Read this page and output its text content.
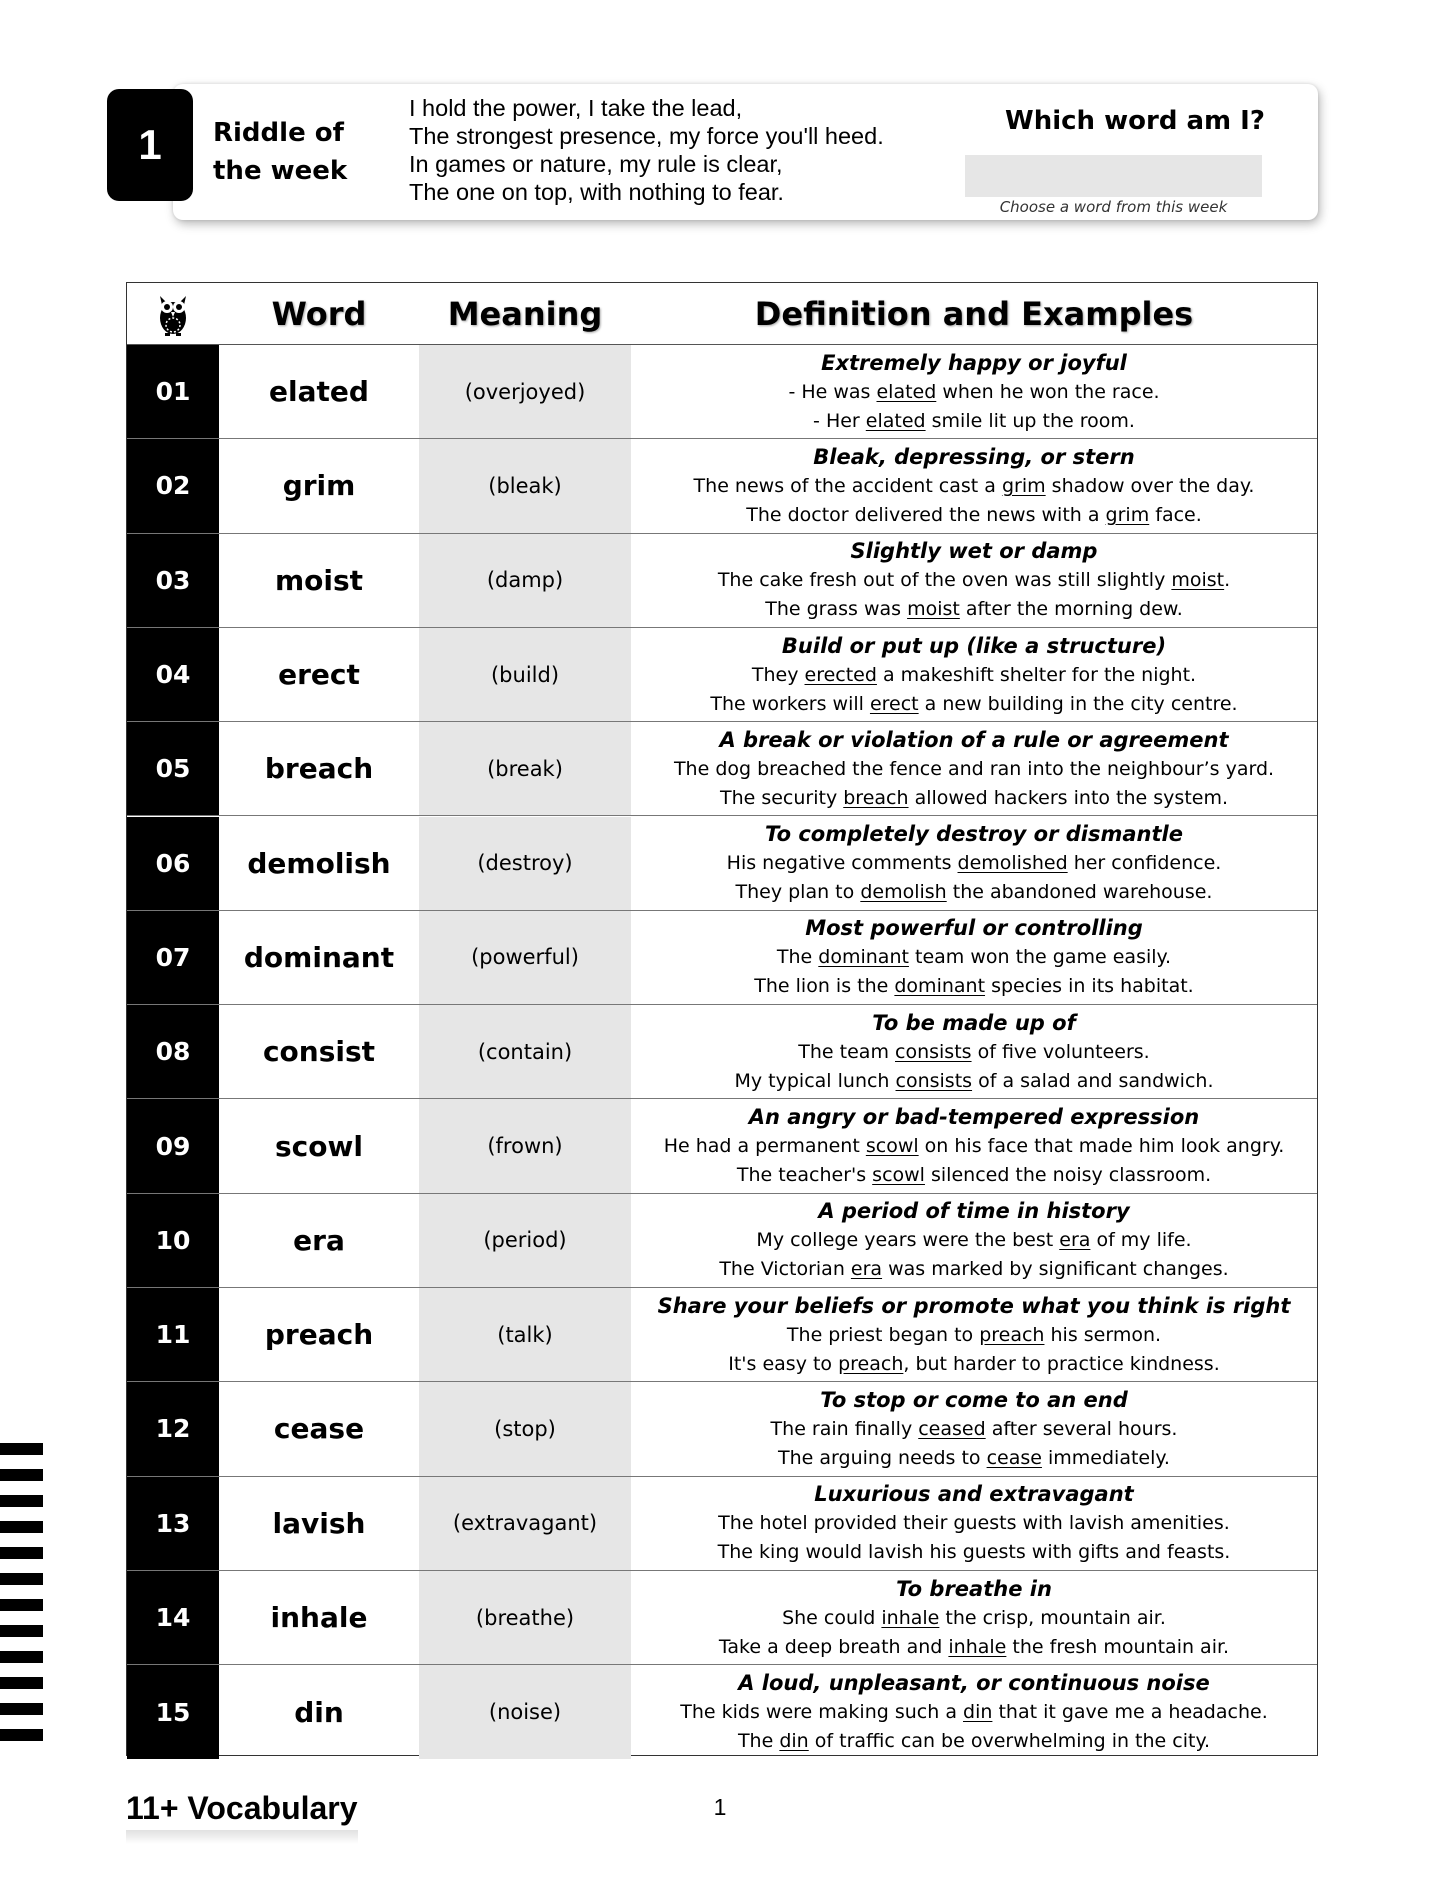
Riddle of the week
I hold the power, I take the lead,
The strongest presence, my force you'll heed.
In games or nature, my rule is clear,
The one on top, with nothing to fear.
Which word am I?
Choose a word from this week
1
Word	Meaning	Definition and Examples
01	elated	(overjoyed)
Extremely happy or joyful
- He was elated when he won the race.
- Her elated smile lit up the room.
02	grim	(bleak)
Bleak, depressing, or stern
The news of the accident cast a grim shadow over the day.
The doctor delivered the news with a grim face.
03	moist	(damp)
Slightly wet or damp
The cake fresh out of the oven was still slightly moist.
The grass was moist after the morning dew.
04	erect	(build)
Build or put up (like a structure)
They erected a makeshift shelter for the night.
The workers will erect a new building in the city centre.
05	breach	(break)
A break or violation of a rule or agreement
The dog breached the fence and ran into the neighbour’s yard.
The security breach allowed hackers into the system.
06	demolish	(destroy)
To completely destroy or dismantle
His negative comments demolished her confidence.
They plan to demolish the abandoned warehouse.
07	dominant	(powerful)
Most powerful or controlling
The dominant team won the game easily.
The lion is the dominant species in its habitat.
08	consist	(contain)
To be made up of
The team consists of five volunteers.
My typical lunch consists of a salad and sandwich.
09	scowl	(frown)
An angry or bad-tempered expression
He had a permanent scowl on his face that made him look angry.
The teacher's scowl silenced the noisy classroom.
10	era	(period)
A period of time in history
My college years were the best era of my life.
The Victorian era was marked by significant changes.
11	preach	(talk)
Share your beliefs or promote what you think is right
The priest began to preach his sermon.
It's easy to preach, but harder to practice kindness.
12	cease	(stop)
To stop or come to an end
The rain finally ceased after several hours.
The arguing needs to cease immediately.
13	lavish	(extravagant)
Luxurious and extravagant
The hotel provided their guests with lavish amenities.
The king would lavish his guests with gifts and feasts.
14	inhale	(breathe)
To breathe in
She could inhale the crisp, mountain air.
Take a deep breath and inhale the fresh mountain air.
15	din	(noise)
A loud, unpleasant, or continuous noise
The kids were making such a din that it gave me a headache.
The din of traffic can be overwhelming in the city.
11+ Vocabulary	1
